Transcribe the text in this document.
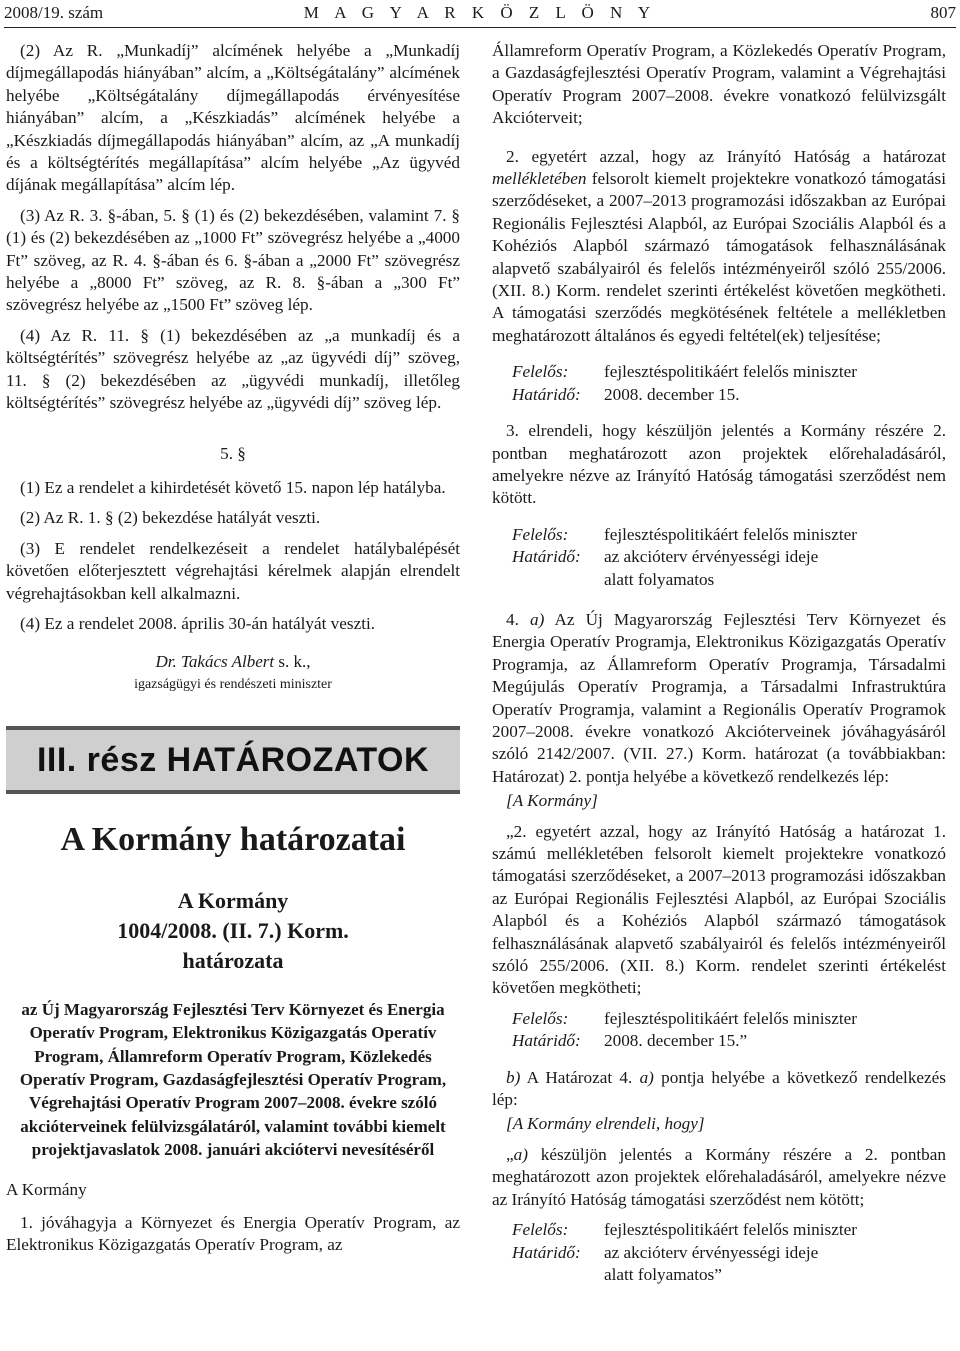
2008/19. szám	M A G Y A R K Ö Z L Ö N Y	807

(2) Az R. „Munkadíj” alcímének helyébe a „Munkadíj díjmegállapodás hiányában” alcím, a „Költségátalány” alcímének helyébe „Költségátalány díjmegállapodás érvényesítése hiányában” alcím, a „Készkiadás” alcímének helyébe a „Készkiadás díjmegállapodás hiányában” alcím, az „A munkadíj és a költségtérítés megállapítása” alcím helyébe „Az ügyvéd díjának megállapítása” alcím lép.

(3) Az R. 3. §-ában, 5. § (1) és (2) bekezdésében, valamint 7. § (1) és (2) bekezdésében az „1000 Ft” szövegrész helyébe a „4000 Ft” szöveg, az R. 4. §-ában és 6. §-ában a „2000 Ft” szövegrész helyébe a „8000 Ft” szöveg, az R. 8. §-ában a „300 Ft” szövegrész helyébe az „1500 Ft” szöveg lép.

(4) Az R. 11. § (1) bekezdésében az „a munkadíj és a költségtérítés” szövegrész helyébe az „az ügyvédi díj” szöveg, 11. § (2) bekezdésében az „ügyvédi munkadíj, illetőleg költségtérítés” szövegrész helyébe az „ügyvédi díj” szöveg lép.

5. §

(1) Ez a rendelet a kihirdetését követő 15. napon lép hatályba.

(2) Az R. 1. § (2) bekezdése hatályát veszti.

(3) E rendelet rendelkezéseit a rendelet hatálybalépését követően előterjesztett végrehajtási kérelmek alapján elrendelt végrehajtásokban kell alkalmazni.

(4) Ez a rendelet 2008. április 30-án hatályát veszti.

Dr. Takács Albert s. k.,
igazságügyi és rendészeti miniszter
III. rész HATÁROZATOK
A Kormány határozatai
A Kormány
1004/2008. (II. 7.) Korm.
határozata
az Új Magyarország Fejlesztési Terv Környezet és Energia Operatív Program, Elektronikus Közigazgatás Operatív Program, Államreform Operatív Program, Közlekedés Operatív Program, Gazdaságfejlesztési Operatív Program, Végrehajtási Operatív Program 2007–2008. évekre szóló akcióterveinek felülvizsgálatáról, valamint további kiemelt projektjavaslatok 2008. januári akciótervi nevesítéséről

A Kormány

1. jóváhagyja a Környezet és Energia Operatív Program, az Elektronikus Közigazgatás Operatív Program, az

Államreform Operatív Program, a Közlekedés Operatív Program, a Gazdaságfejlesztési Operatív Program, valamint a Végrehajtási Operatív Program 2007–2008. évekre vonatkozó felülvizsgált Akcióterveit;

2. egyetért azzal, hogy az Irányító Hatóság a határozat mellékletében felsorolt kiemelt projektekre vonatkozó támogatási szerződéseket, a 2007–2013 programozási időszakban az Európai Regionális Fejlesztési Alapból, az Európai Szociális Alapból és a Kohéziós Alapból származó támogatások felhasználásának alapvető szabályairól és felelős intézményeiről szóló 255/2006. (XII. 8.) Korm. rendelet szerinti értékelést követően megkötheti. A támogatási szerződés megkötésének feltétele a mellékletben meghatározott általános és egyedi feltétel(ek) teljesítése;

Felelős:	fejlesztéspolitikáért felelős miniszter
Határidő:	2008. december 15.

3. elrendeli, hogy készüljön jelentés a Kormány részére 2. pontban meghatározott azon projektek előrehaladásáról, amelyekre nézve az Irányító Hatóság támogatási szerződést nem kötött.

Felelős:	fejlesztéspolitikáért felelős miniszter
Határidő:	az akcióterv érvényességi ideje alatt folyamatos

4. a) Az Új Magyarország Fejlesztési Terv Környezet és Energia Operatív Programja, Elektronikus Közigazgatás Operatív Programja, az Államreform Operatív Programja, Társadalmi Megújulás Operatív Programja, a Társadalmi Infrastruktúra Operatív Programja, valamint a Regionális Operatív Programok 2007–2008. évekre vonatkozó Akcióterveinek jóváhagyásáról szóló 2142/2007. (VII. 27.) Korm. határozat (a továbbiakban: Határozat) 2. pontja helyébe a következő rendelkezés lép:

[A Kormány]

„2. egyetért azzal, hogy az Irányító Hatóság a határozat 1. számú mellékletében felsorolt kiemelt projektekre vonatkozó támogatási szerződéseket, a 2007–2013 programozási időszakban az Európai Regionális Fejlesztési Alapból, az Európai Szociális Alapból és a Kohéziós Alapból származó támogatások felhasználásának alapvető szabályairól és felelős intézményeiről szóló 255/2006. (XII. 8.) Korm. rendelet szerinti értékelést követően megkötheti;

Felelős:	fejlesztéspolitikáért felelős miniszter
Határidő:	2008. december 15.”

b) A Határozat 4. a) pontja helyébe a következő rendelkezés lép:

[A Kormány elrendeli, hogy]

„a) készüljön jelentés a Kormány részére a 2. pontban meghatározott azon projektek előrehaladásáról, amelyekre nézve az Irányító Hatóság támogatási szerződést nem kötött;

Felelős:	fejlesztéspolitikáért felelős miniszter
Határidő:	az akcióterv érvényességi ideje alatt folyamatos”
